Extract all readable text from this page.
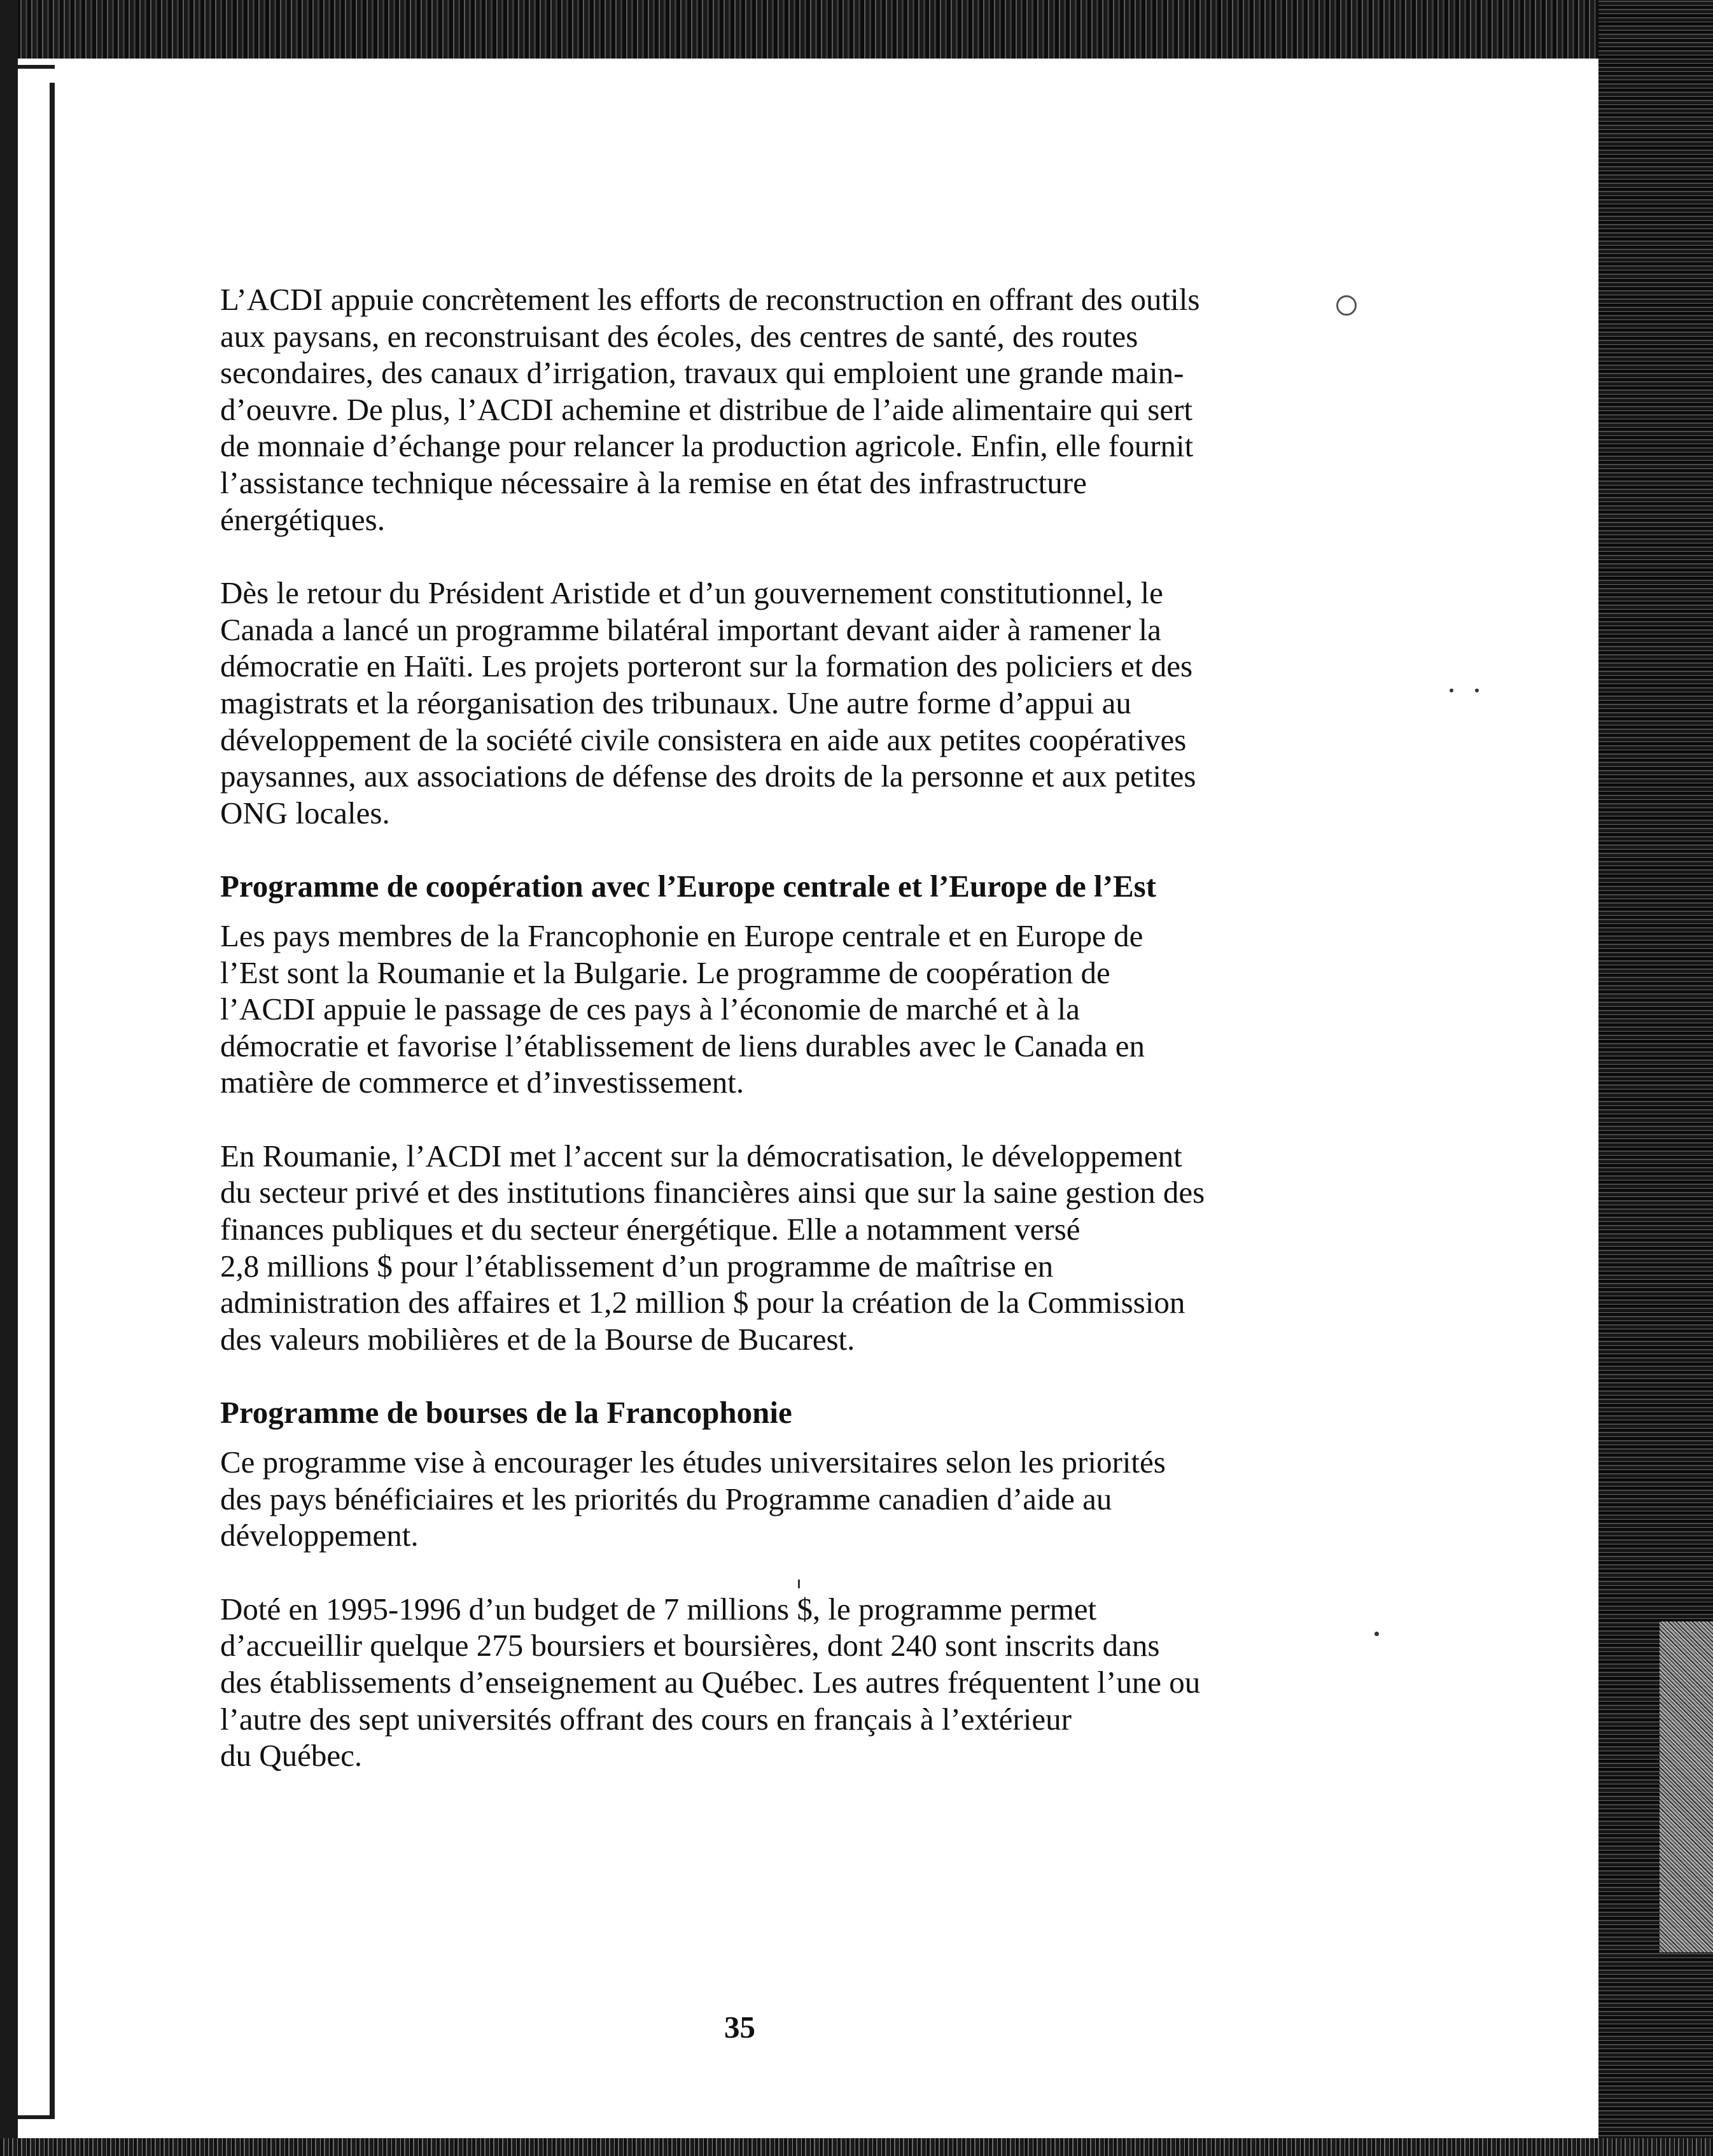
L’ACDI appuie concrètement les efforts de reconstruction en offrant des outils
aux paysans, en reconstruisant des écoles, des centres de santé, des routes
secondaires, des canaux d’irrigation, travaux qui emploient une grande main-
d’oeuvre. De plus, l’ACDI achemine et distribue de l’aide alimentaire qui sert
de monnaie d’échange pour relancer la production agricole. Enfin, elle fournit
l’assistance technique nécessaire à la remise en état des infrastructure
énergétiques.

Dès le retour du Président Aristide et d’un gouvernement constitutionnel, le
Canada a lancé un programme bilatéral important devant aider à ramener la
démocratie en Haïti. Les projets porteront sur la formation des policiers et des
magistrats et la réorganisation des tribunaux. Une autre forme d’appui au
développement de la société civile consistera en aide aux petites coopératives
paysannes, aux associations de défense des droits de la personne et aux petites
ONG locales.

Programme de coopération avec l’Europe centrale et l’Europe de l’Est

Les pays membres de la Francophonie en Europe centrale et en Europe de
l’Est sont la Roumanie et la Bulgarie. Le programme de coopération de
l’ACDI appuie le passage de ces pays à l’économie de marché et à la
démocratie et favorise l’établissement de liens durables avec le Canada en
matière de commerce et d’investissement.

En Roumanie, l’ACDI met l’accent sur la démocratisation, le développement
du secteur privé et des institutions financières ainsi que sur la saine gestion des
finances publiques et du secteur énergétique. Elle a notamment versé
2,8 millions $ pour l’établissement d’un programme de maîtrise en
administration des affaires et 1,2 million $ pour la création de la Commission
des valeurs mobilières et de la Bourse de Bucarest.

Programme de bourses de la Francophonie

Ce programme vise à encourager les études universitaires selon les priorités
des pays bénéficiaires et les priorités du Programme canadien d’aide au
développement.

Doté en 1995-1996 d’un budget de 7 millions $, le programme permet
d’accueillir quelque 275 boursiers et boursières, dont 240 sont inscrits dans
des établissements d’enseignement au Québec. Les autres fréquentent l’une ou
l’autre des sept universités offrant des cours en français à l’extérieur
du Québec.

35
